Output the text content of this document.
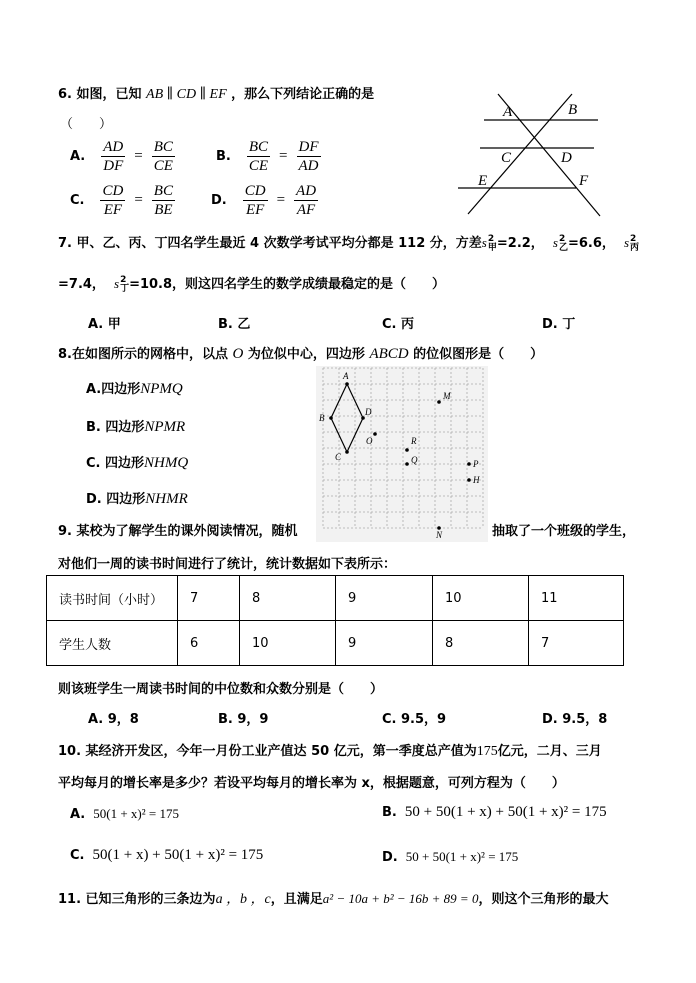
6. 如图，已知 AB ∥ CD ∥ EF ，那么下列结论正确的是
（　　）
A. $\frac{AD}{DF} = \frac{BC}{CE}$	B. $\frac{BC}{CE} = \frac{DF}{AD}$
C. $\frac{CD}{EF} = \frac{BC}{BE}$	D. $\frac{CD}{EF} = \frac{AD}{AF}$
A	B
C	D
E	F
7. 甲、乙、丙、丁四名学生最近 4 次数学考试平均分都是 112 分，方差s 2
甲 =2.2， s 2
乙 =6.6， s 2
丙
=7.4， s 2
丁 =10.8，则这四名学生的数学成绩最稳定的是（　　）
A. 甲	B. 乙	C. 丙	D. 丁
8.在如图所示的网格中，以点 O 为位似中心，四边形 ABCD 的位似图形是（　　）
A.四边形NPMQ
B. 四边形NPMR
C. 四边形NHMQ
D. 四边形NHMR
A
B
C
D
O
M
R
Q	P
H
N
9. 某校为了解学生的课外阅读情况，随机	抽取了一个班级的学生，
对他们一周的读书时间进行了统计，统计数据如下表所示：
读书时间（小时）	7	8	9	10	11
学生人数	6	10	9	8	7
则该班学生一周读书时间的中位数和众数分别是（　　）
A. 9，8	B. 9，9	C. 9.5，9	D. 9.5，8
10. 某经济开发区，今年一月份工业产值达 50 亿元，第一季度总产值为175亿元，二月、三月
平均每月的增长率是多少？若设平均每月的增长率为 x，根据题意，可列方程为（　　）
A. 50(1 + x)² = 175	B. 50 + 50(1 + x) + 50(1 + x)² = 175
C. 50(1 + x) + 50(1 + x)² = 175	D. 50 + 50(1 + x)² = 175
11. 已知三角形的三条边为a ，b ，c，且满足a² − 10a + b² − 16b + 89 = 0，则这个三角形的最大
